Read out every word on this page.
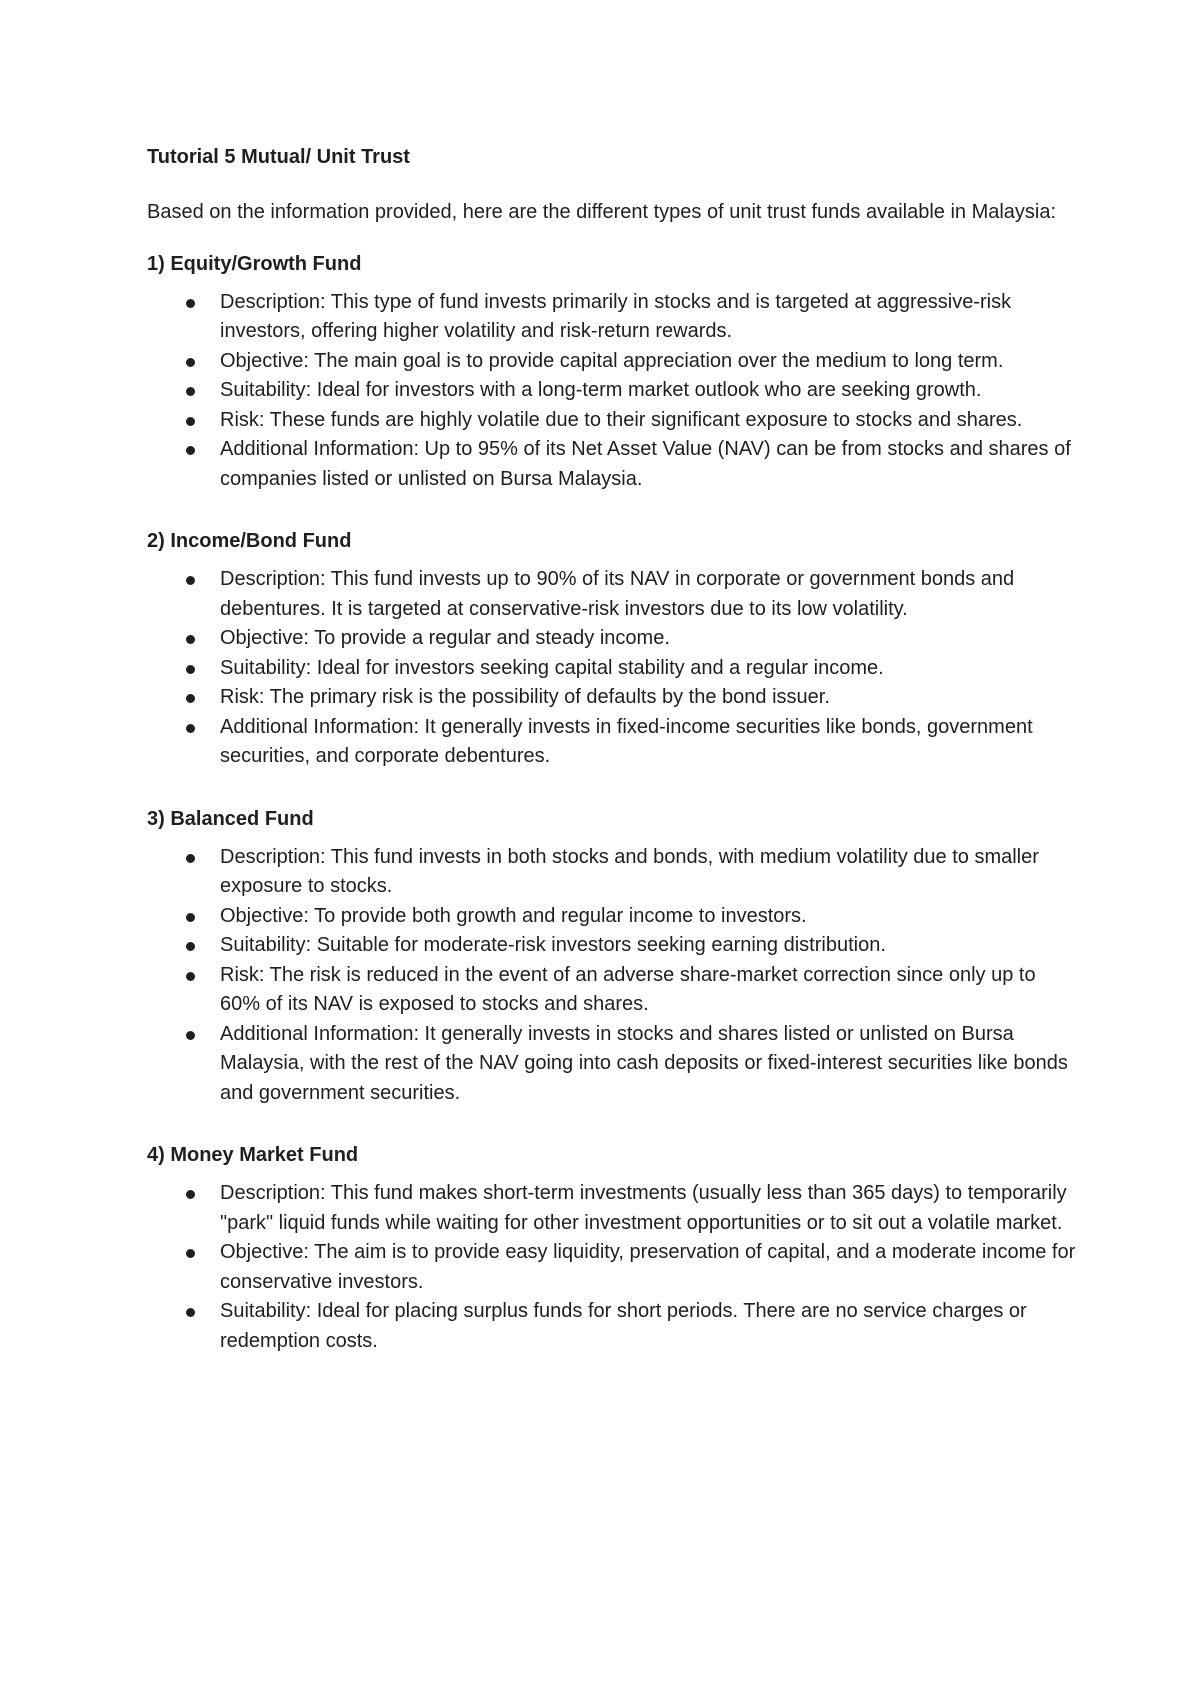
Tutorial 5 Mutual/ Unit Trust
Based on the information provided, here are the different types of unit trust funds available in Malaysia:
1) Equity/Growth Fund
Description: This type of fund invests primarily in stocks and is targeted at aggressive-risk investors, offering higher volatility and risk-return rewards.
Objective: The main goal is to provide capital appreciation over the medium to long term.
Suitability: Ideal for investors with a long-term market outlook who are seeking growth.
Risk: These funds are highly volatile due to their significant exposure to stocks and shares.
Additional Information: Up to 95% of its Net Asset Value (NAV) can be from stocks and shares of companies listed or unlisted on Bursa Malaysia.
2) Income/Bond Fund
Description: This fund invests up to 90% of its NAV in corporate or government bonds and debentures. It is targeted at conservative-risk investors due to its low volatility.
Objective: To provide a regular and steady income.
Suitability: Ideal for investors seeking capital stability and a regular income.
Risk: The primary risk is the possibility of defaults by the bond issuer.
Additional Information: It generally invests in fixed-income securities like bonds, government securities, and corporate debentures.
3) Balanced Fund
Description: This fund invests in both stocks and bonds, with medium volatility due to smaller exposure to stocks.
Objective: To provide both growth and regular income to investors.
Suitability: Suitable for moderate-risk investors seeking earning distribution.
Risk: The risk is reduced in the event of an adverse share-market correction since only up to 60% of its NAV is exposed to stocks and shares.
Additional Information: It generally invests in stocks and shares listed or unlisted on Bursa Malaysia, with the rest of the NAV going into cash deposits or fixed-interest securities like bonds and government securities.
4) Money Market Fund
Description: This fund makes short-term investments (usually less than 365 days) to temporarily "park" liquid funds while waiting for other investment opportunities or to sit out a volatile market.
Objective: The aim is to provide easy liquidity, preservation of capital, and a moderate income for conservative investors.
Suitability: Ideal for placing surplus funds for short periods. There are no service charges or redemption costs.
